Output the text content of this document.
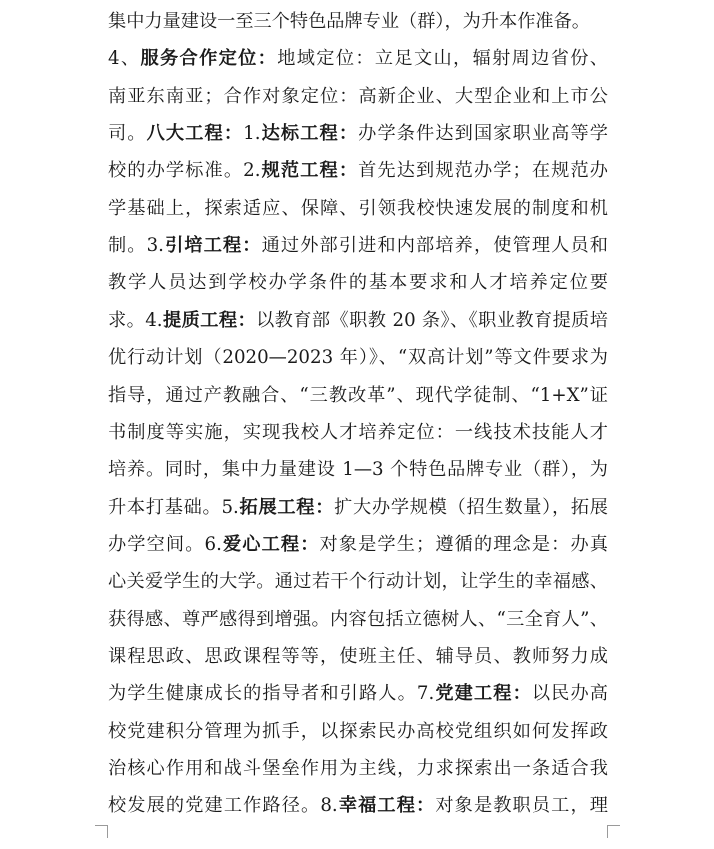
集中力量建设一至三个特色品牌专业（群），为升本作准备。
4、服务合作定位：地域定位：立足文山，辐射周边省份、
南亚东南亚；合作对象定位：高新企业、大型企业和上市公
司。八大工程：1.达标工程：办学条件达到国家职业高等学
校的办学标准。2.规范工程：首先达到规范办学；在规范办
学基础上，探索适应、保障、引领我校快速发展的制度和机
制。3.引培工程：通过外部引进和内部培养，使管理人员和
教学人员达到学校办学条件的基本要求和人才培养定位要
求。4.提质工程：以教育部《职教 20 条》、《职业教育提质培
优行动计划（2020—2023 年）》、“双高计划”等文件要求为
指导，通过产教融合、“三教改革”、现代学徒制、“1+X”证
书制度等实施，实现我校人才培养定位：一线技术技能人才
培养。同时，集中力量建设 1—3 个特色品牌专业（群），为
升本打基础。5.拓展工程：扩大办学规模（招生数量），拓展
办学空间。6.爱心工程：对象是学生；遵循的理念是：办真
心关爱学生的大学。通过若干个行动计划，让学生的幸福感、
获得感、尊严感得到增强。内容包括立德树人、“三全育人”、
课程思政、思政课程等等，使班主任、辅导员、教师努力成
为学生健康成长的指导者和引路人。7.党建工程：以民办高
校党建积分管理为抓手，以探索民办高校党组织如何发挥政
治核心作用和战斗堡垒作用为主线，力求探索出一条适合我
校发展的党建工作路径。8.幸福工程：对象是教职员工，理
